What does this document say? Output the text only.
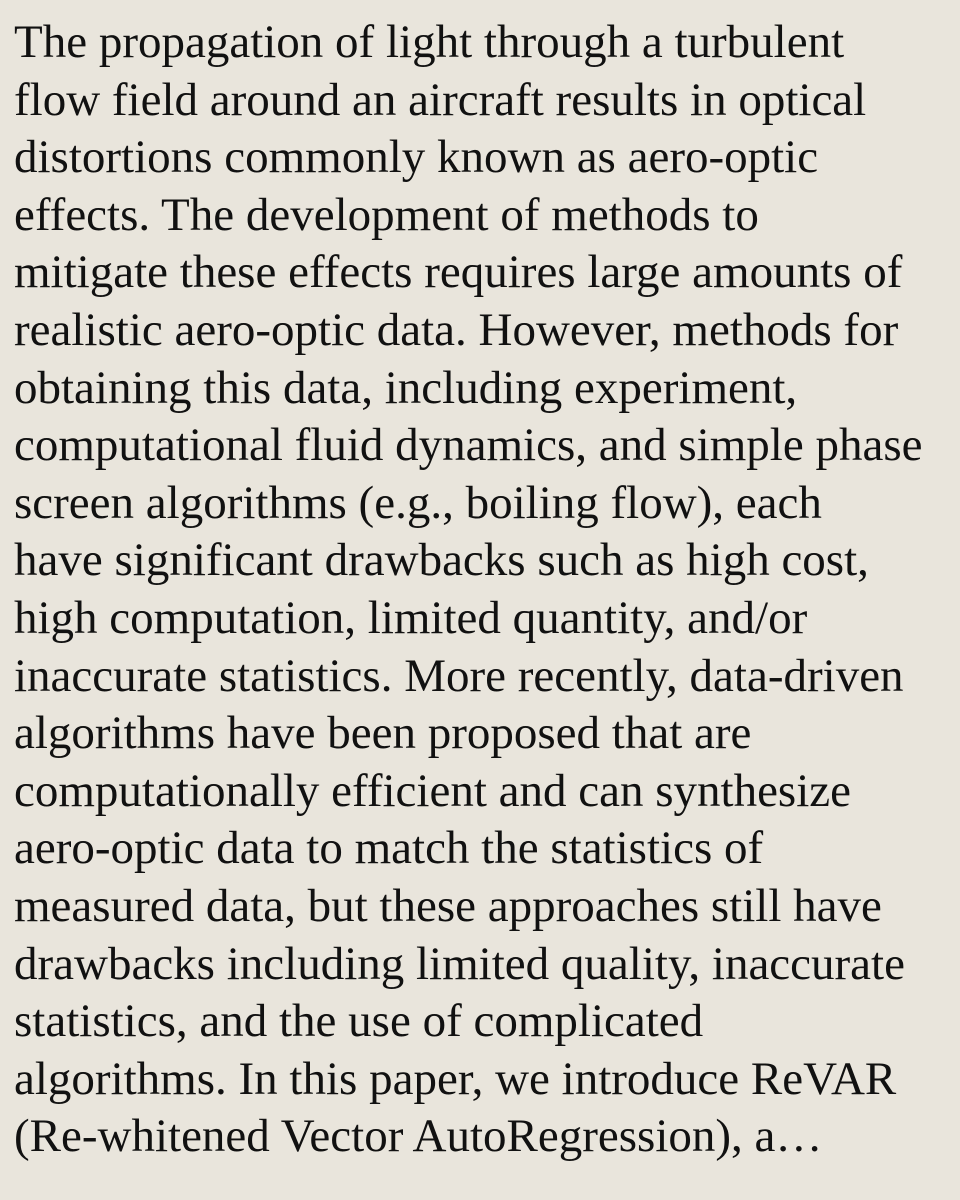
The propagation of light through a turbulent
flow field around an aircraft results in optical
distortions commonly known as aero-optic
effects. The development of methods to
mitigate these effects requires large amounts of
realistic aero-optic data. However, methods for
obtaining this data, including experiment,
computational fluid dynamics, and simple phase
screen algorithms (e.g., boiling flow), each
have significant drawbacks such as high cost,
high computation, limited quantity, and/or
inaccurate statistics. More recently, data-driven
algorithms have been proposed that are
computationally efficient and can synthesize
aero-optic data to match the statistics of
measured data, but these approaches still have
drawbacks including limited quality, inaccurate
statistics, and the use of complicated
algorithms. In this paper, we introduce ReVAR
(Re-whitened Vector AutoRegression), a…
